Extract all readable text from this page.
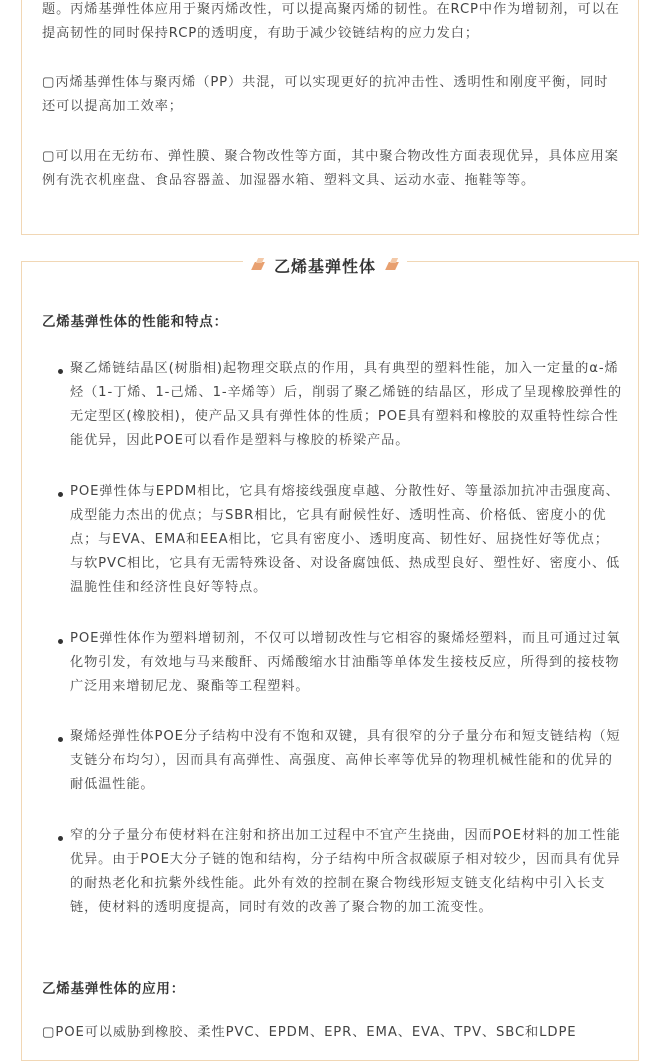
题。丙烯基弹性体应用于聚丙烯改性，可以提高聚丙烯的韧性。在RCP中作为增韧剂，可以在提高韧性的同时保持RCP的透明度，有助于减少铰链结构的应力发白；

▢丙烯基弹性体与聚丙烯（PP）共混，可以实现更好的抗冲击性、透明性和刚度平衡，同时还可以提高加工效率；

▢可以用在无纺布、弹性膜、聚合物改性等方面，其中聚合物改性方面表现优异，具体应用案例有洗衣机座盘、食品容器盖、加湿器水箱、塑料文具、运动水壶、拖鞋等等。

乙烯基弹性体的性能和特点：

聚乙烯链结晶区(树脂相)起物理交联点的作用，具有典型的塑料性能，加入一定量的α-烯烃（1-丁烯、1-己烯、1-辛烯等）后，削弱了聚乙烯链的结晶区，形成了呈现橡胶弹性的无定型区(橡胶相)，使产品又具有弹性体的性质；POE具有塑料和橡胶的双重特性综合性能优异，因此POE可以看作是塑料与橡胶的桥梁产品。

POE弹性体与EPDM相比，它具有熔接线强度卓越、分散性好、等量添加抗冲击强度高、成型能力杰出的优点；与SBR相比，它具有耐候性好、透明性高、价格低、密度小的优点；与EVA、EMA和EEA相比，它具有密度小、透明度高、韧性好、屈挠性好等优点；与软PVC相比，它具有无需特殊设备、对设备腐蚀低、热成型良好、塑性好、密度小、低温脆性佳和经济性良好等特点。

POE弹性体作为塑料增韧剂，不仅可以增韧改性与它相容的聚烯烃塑料，而且可通过过氧化物引发，有效地与马来酸酐、丙烯酸缩水甘油酯等单体发生接枝反应，所得到的接枝物广泛用来增韧尼龙、聚酯等工程塑料。

聚烯烃弹性体POE分子结构中没有不饱和双键，具有很窄的分子量分布和短支链结构（短支链分布均匀），因而具有高弹性、高强度、高伸长率等优异的物理机械性能和的优异的耐低温性能。

窄的分子量分布使材料在注射和挤出加工过程中不宜产生挠曲，因而POE材料的加工性能优异。由于POE大分子链的饱和结构，分子结构中所含叔碳原子相对较少，因而具有优异的耐热老化和抗紫外线性能。此外有效的控制在聚合物线形短支链支化结构中引入长支链，使材料的透明度提高，同时有效的改善了聚合物的加工流变性。

乙烯基弹性体的应用：

▢POE可以威胁到橡胶、柔性PVC、EPDM、EPR、EMA、EVA、TPV、SBC和LDPE

乙烯基弹性体
